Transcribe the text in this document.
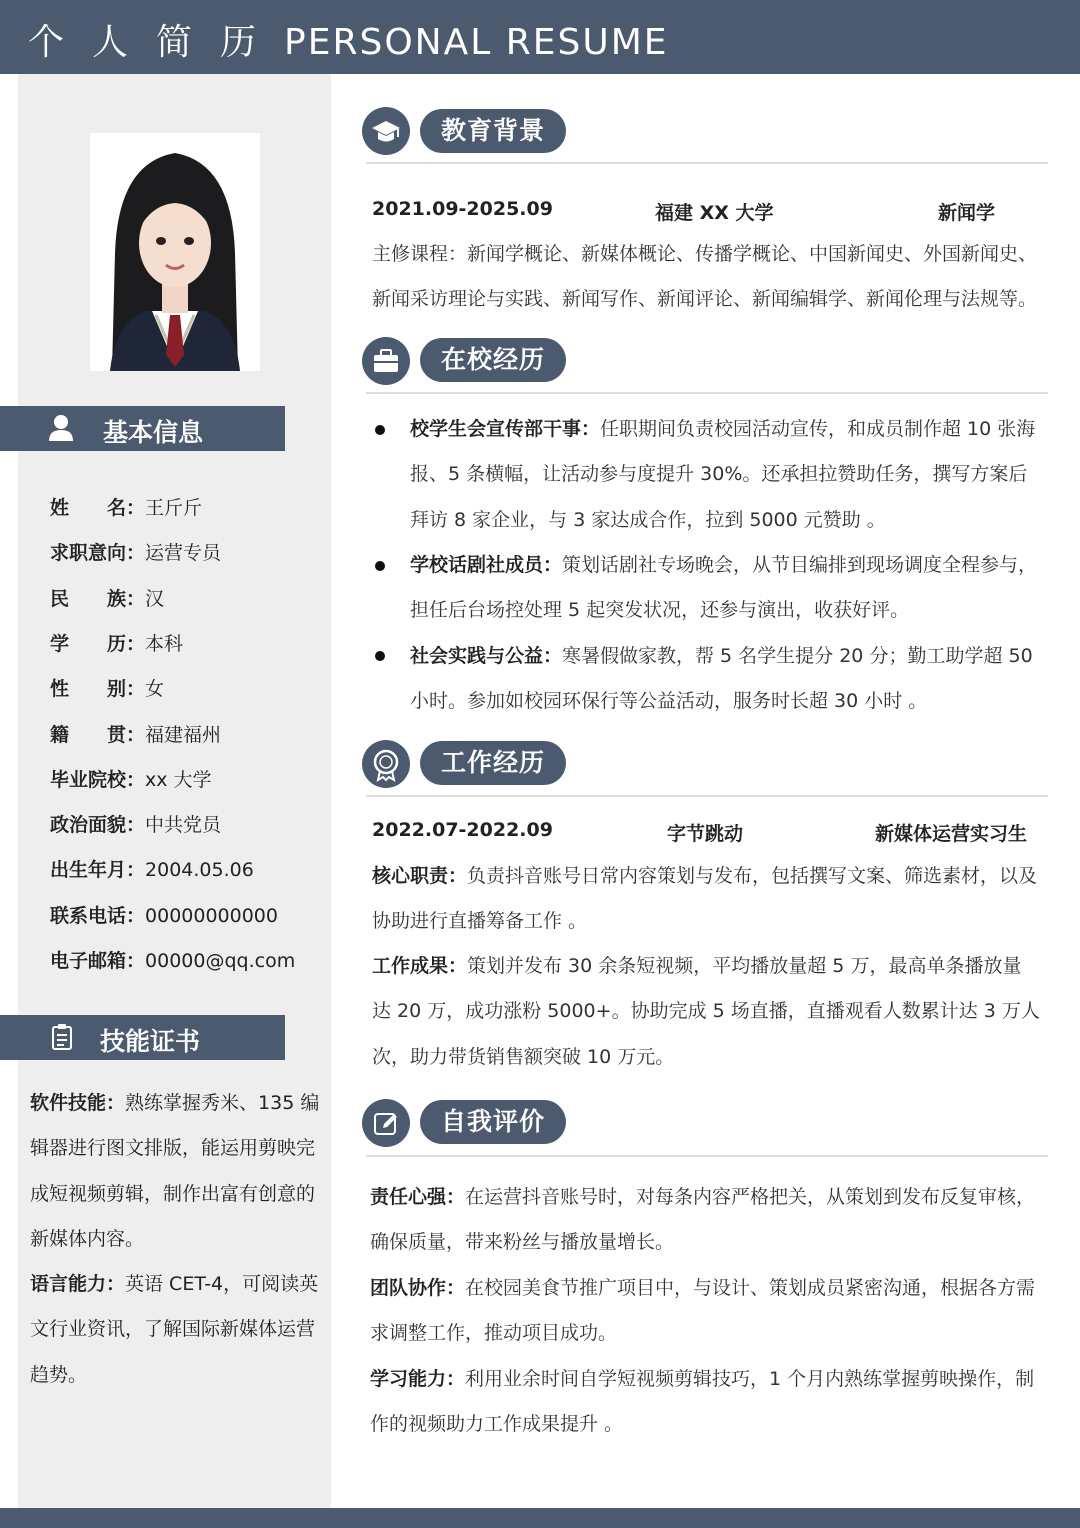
个人简历PERSONAL RESUME
基本信息
姓　　名：王斤斤
求职意向：运营专员
民　　族：汉
学　　历：本科
性　　别：女
籍　　贯：福建福州
毕业院校：xx 大学
政治面貌：中共党员
出生年月：2004.05.06
联系电话：00000000000
电子邮箱：00000@qq.com
技能证书
软件技能：熟练掌握秀米、135 编辑器进行图文排版，能运用剪映完成短视频剪辑，制作出富有创意的新媒体内容。
语言能力：英语 CET-4，可阅读英文行业资讯，了解国际新媒体运营趋势。
教育背景
2021.09-2025.09	福建 XX 大学	新闻学
主修课程：新闻学概论、新媒体概论、传播学概论、中国新闻史、外国新闻史、
新闻采访理论与实践、新闻写作、新闻评论、新闻编辑学、新闻伦理与法规等。
在校经历
校学生会宣传部干事：任职期间负责校园活动宣传，和成员制作超 10 张海报、5 条横幅，让活动参与度提升 30%。还承担拉赞助任务，撰写方案后拜访 8 家企业，与 3 家达成合作，拉到 5000 元赞助 。
学校话剧社成员：策划话剧社专场晚会，从节目编排到现场调度全程参与，担任后台场控处理 5 起突发状况，还参与演出，收获好评。
社会实践与公益：寒暑假做家教，帮 5 名学生提分 20 分；勤工助学超 50 小时。参加如校园环保行等公益活动，服务时长超 30 小时 。
工作经历
2022.07-2022.09	字节跳动	新媒体运营实习生
核心职责：负责抖音账号日常内容策划与发布，包括撰写文案、筛选素材，以及协助进行直播筹备工作 。
工作成果：策划并发布 30 余条短视频，平均播放量超 5 万，最高单条播放量达 20 万，成功涨粉 5000+。协助完成 5 场直播，直播观看人数累计达 3 万人次，助力带货销售额突破 10 万元。
自我评价
责任心强：在运营抖音账号时，对每条内容严格把关，从策划到发布反复审核，确保质量，带来粉丝与播放量增长。
团队协作：在校园美食节推广项目中，与设计、策划成员紧密沟通，根据各方需求调整工作，推动项目成功。
学习能力：利用业余时间自学短视频剪辑技巧，1 个月内熟练掌握剪映操作，制作的视频助力工作成果提升 。
